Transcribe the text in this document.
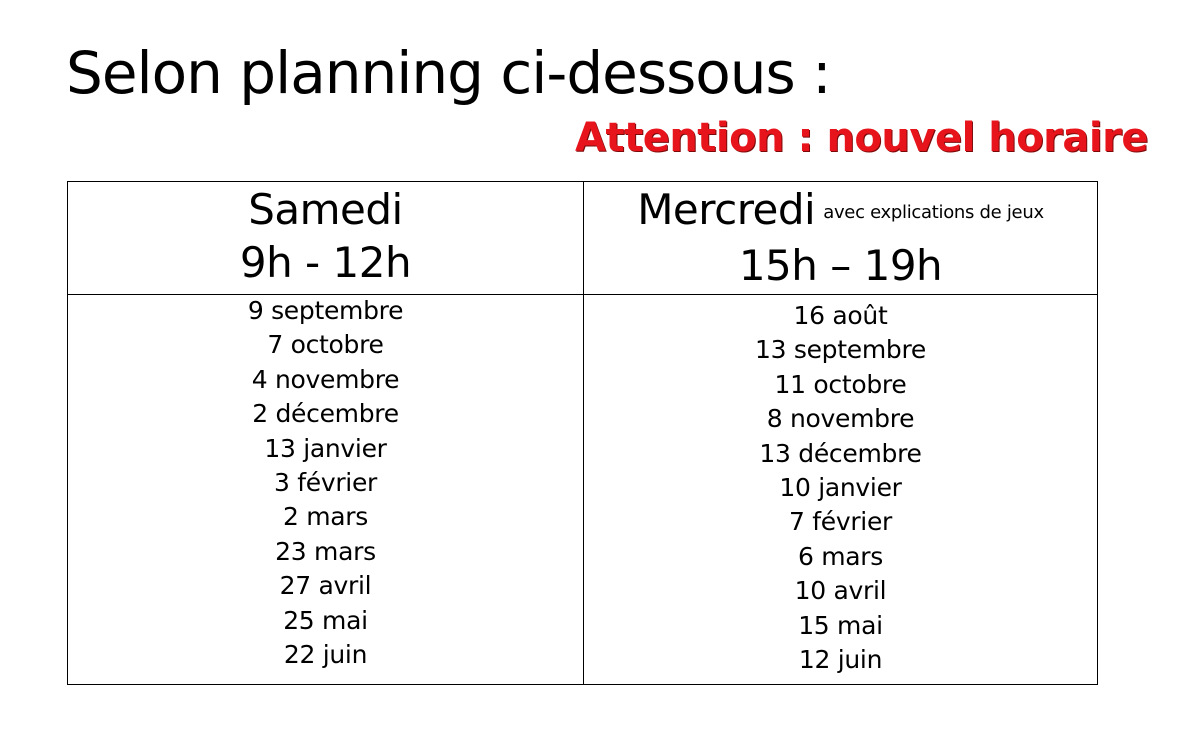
Selon planning ci-dessous :
Attention : nouvel horaire
Samedi
9h - 12h
Mercredi avec explications de jeux
15h – 19h
9 septembre
7 octobre
4 novembre
2 décembre
13 janvier
3 février
2 mars
23 mars
27 avril
25 mai
22 juin
16 août
13 septembre
11 octobre
8 novembre
13 décembre
10 janvier
7 février
6 mars
10 avril
15 mai
12 juin
